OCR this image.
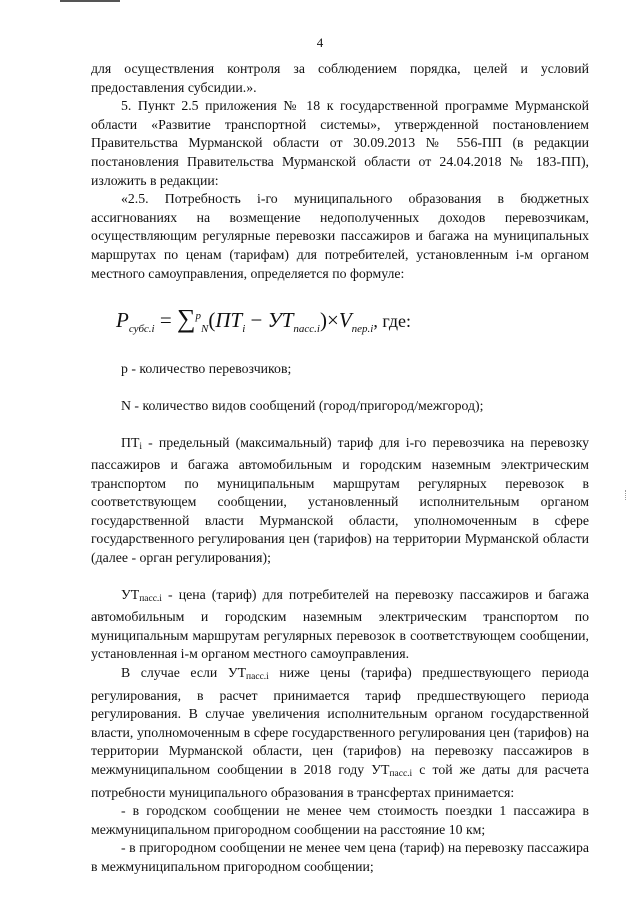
4

для осуществления контроля за соблюдением порядка, целей и условий предоставления субсидии.».

5. Пункт 2.5 приложения № 18 к государственной программе Мурманской области «Развитие транспортной системы», утвержденной постановлением Правительства Мурманской области от 30.09.2013 № 556-ПП (в редакции постановления Правительства Мурманской области от 24.04.2018 № 183-ПП), изложить в редакции:

«2.5. Потребность i-го муниципального образования в бюджетных ассигнованиях на возмещение недополученных доходов перевозчикам, осуществляющим регулярные перевозки пассажиров и багажа на муниципальных маршрутах по ценам (тарифам) для потребителей, установленным i-м органом местного самоуправления, определяется по формуле:

$P_{субс.i} = \sum^p_N(ПТ_i - УТ_{пасс.i})\times V_{пер.i}$, где:

p - количество перевозчиков;

N - количество видов сообщений (город/пригород/межгород);

$ПТ_i$ - предельный (максимальный) тариф для i-го перевозчика на перевозку пассажиров и багажа автомобильным и городским наземным электрическим транспортом по муниципальным маршрутам регулярных перевозок в соответствующем сообщении, установленный исполнительным органом государственной власти Мурманской области, уполномоченным в сфере государственного регулирования цен (тарифов) на территории Мурманской области (далее - орган регулирования);

$УТ_{пасс.i}$ - цена (тариф) для потребителей на перевозку пассажиров и багажа автомобильным и городским наземным электрическим транспортом по муниципальным маршрутам регулярных перевозок в соответствующем сообщении, установленная i-м органом местного самоуправления.

В случае если $УТ_{пасс.i}$ ниже цены (тарифа) предшествующего периода регулирования, в расчет принимается тариф предшествующего периода регулирования. В случае увеличения исполнительным органом государственной власти, уполномоченным в сфере государственного регулирования цен (тарифов) на территории Мурманской области, цен (тарифов) на перевозку пассажиров в межмуниципальном сообщении в 2018 году $УТ_{пасс.i}$ с той же даты для расчета потребности муниципального образования в трансфертах принимается:

- в городском сообщении не менее чем стоимость поездки 1 пассажира в межмуниципальном пригородном сообщении на расстояние 10 км;

- в пригородном сообщении не менее чем цена (тариф) на перевозку пассажира в межмуниципальном пригородном сообщении;
